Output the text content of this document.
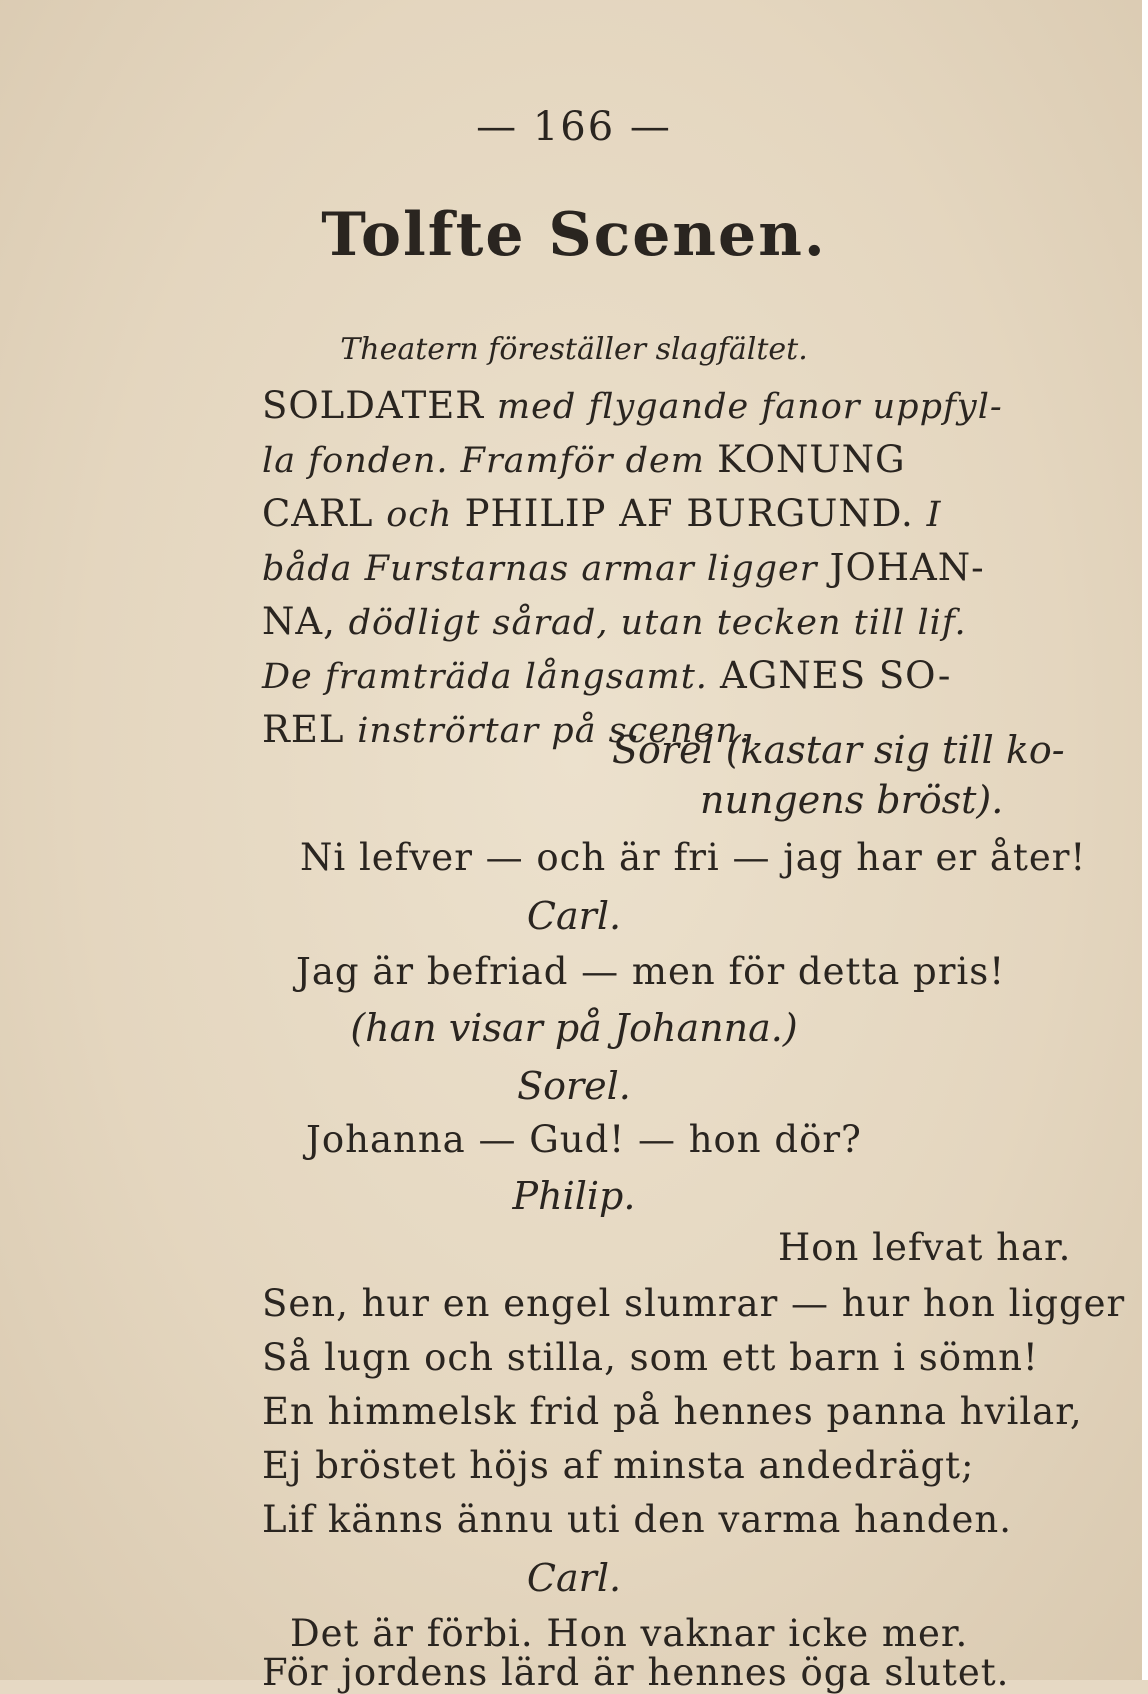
— 166 —
Tolfte Scenen.
Theatern föreställer slagfältet.
SOLDATER med flygande fanor uppfyl-
la fonden. Framför dem KONUNG
CARL och PHILIP AF BURGUND. I
båda Furstarnas armar ligger JOHAN-
NA, dödligt sårad, utan tecken till lif.
De framträda långsamt. AGNES SO-
REL inströrtar på scenen.
Sorel (kastar sig till ko-
nungens bröst).
Ni lefver — och är fri — jag har er åter!
Carl.
Jag är befriad — men för detta pris!
(han visar på Johanna.)
Sorel.
Johanna — Gud! — hon dör?
Philip.
Hon lefvat har.
Sen, hur en engel slumrar — hur hon ligger
Så lugn och stilla, som ett barn i sömn!
En himmelsk frid på hennes panna hvilar,
Ej bröstet höjs af minsta andedrägt;
Lif känns ännu uti den varma handen.
Carl.
Det är förbi. Hon vaknar icke mer.
För jordens lärd är hennes öga slutet.
